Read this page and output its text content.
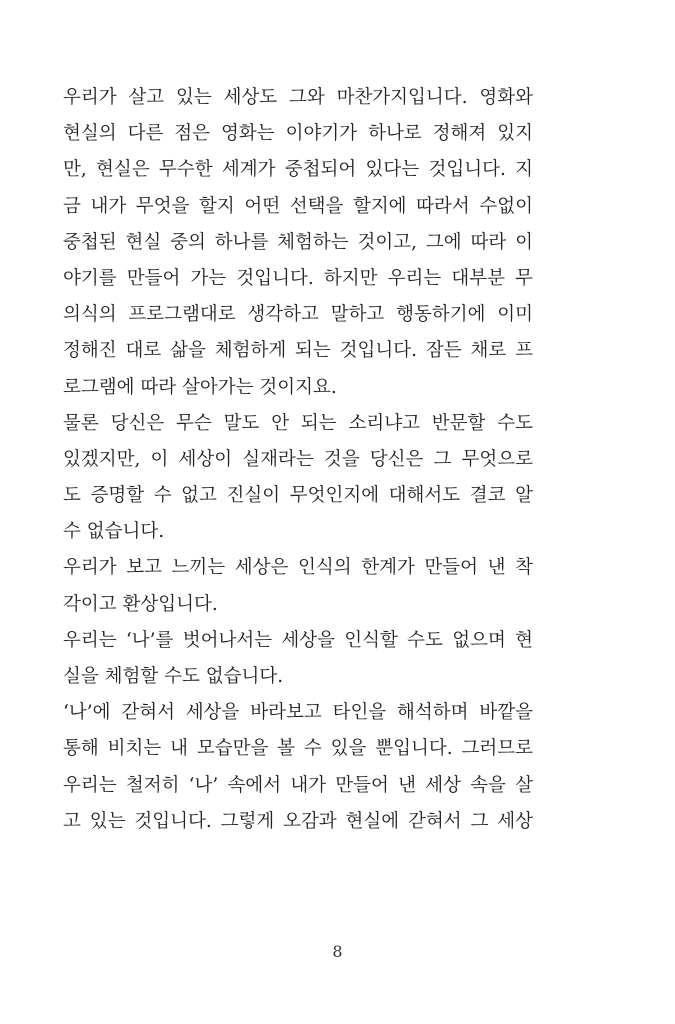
우리가 살고 있는 세상도 그와 마찬가지입니다. 영화와
현실의 다른 점은 영화는 이야기가 하나로 정해져 있지
만, 현실은 무수한 세계가 중첩되어 있다는 것입니다. 지
금 내가 무엇을 할지 어떤 선택을 할지에 따라서 수없이
중첩된 현실 중의 하나를 체험하는 것이고, 그에 따라 이
야기를 만들어 가는 것입니다. 하지만 우리는 대부분 무
의식의 프로그램대로 생각하고 말하고 행동하기에 이미
정해진 대로 삶을 체험하게 되는 것입니다. 잠든 채로 프
로그램에 따라 살아가는 것이지요.
물론 당신은 무슨 말도 안 되는 소리냐고 반문할 수도
있겠지만, 이 세상이 실재라는 것을 당신은 그 무엇으로
도 증명할 수 없고 진실이 무엇인지에 대해서도 결코 알
수 없습니다.
우리가 보고 느끼는 세상은 인식의 한계가 만들어 낸 착
각이고 환상입니다.
우리는 ‘나’를 벗어나서는 세상을 인식할 수도 없으며 현
실을 체험할 수도 없습니다.
‘나’에 갇혀서 세상을 바라보고 타인을 해석하며 바깥을
통해 비치는 내 모습만을 볼 수 있을 뿐입니다. 그러므로
우리는 철저히 ‘나’ 속에서 내가 만들어 낸 세상 속을 살
고 있는 것입니다. 그렇게 오감과 현실에 갇혀서 그 세상
8
